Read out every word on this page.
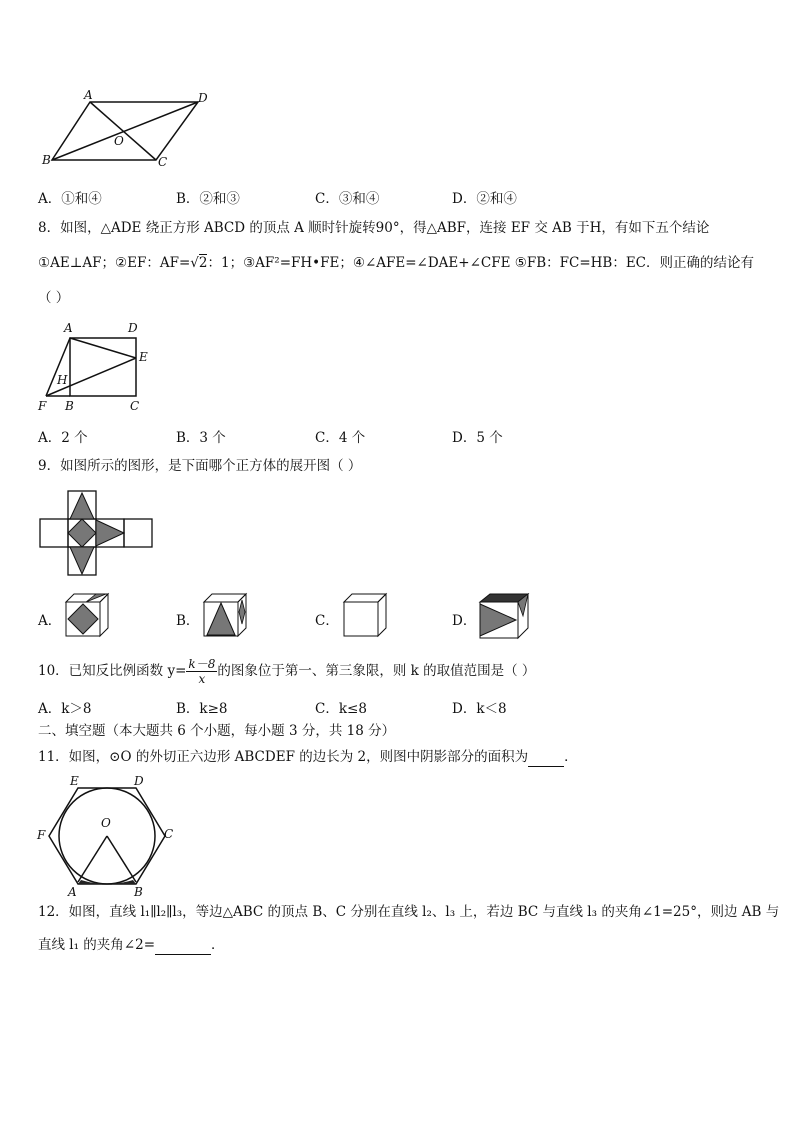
A	D
O
B	C
A．①和④	B．②和③	C．③和④	D．②和④
8．如图，△ADE 绕正方形 ABCD 的顶点 A 顺时针旋转90°，得△ABF，连接 EF 交 AB 于H，有如下五个结论
①AE⊥AF；②EF：AF=√2：1；③AF²=FH•FE；④∠AFE=∠DAE+∠CFE ⑤FB：FC=HB：EC．则正确的结论有
（ ）
A	D
E
H
F B	C
A．2 个	B．3 个	C．4 个	D．5 个
9．如图所示的图形，是下面哪个正方体的展开图（ ）
A．	B．	C．	D．
10．已知反比例函数 $y= \frac{k-8}{x}$ 的图象位于第一、第三象限，则 k 的取值范围是（ ）
A．k＞8	B．k≥8	C．k≤8	D．k＜8
二、填空题（本大题共 6 个小题，每小题 3 分，共 18 分）
11．如图，⊙O 的外切正六边形 ABCDEF 的边长为 2，则图中阴影部分的面积为	．
E	D
F
O
C
A	B
12．如图，直线 l₁∥l₂∥l₃，等边△ABC 的顶点 B、C 分别在直线 l₂、l₃ 上，若边 BC 与直线 l₃ 的夹角∠1=25°，则边 AB 与
直线 l₁ 的夹角∠2=	．
